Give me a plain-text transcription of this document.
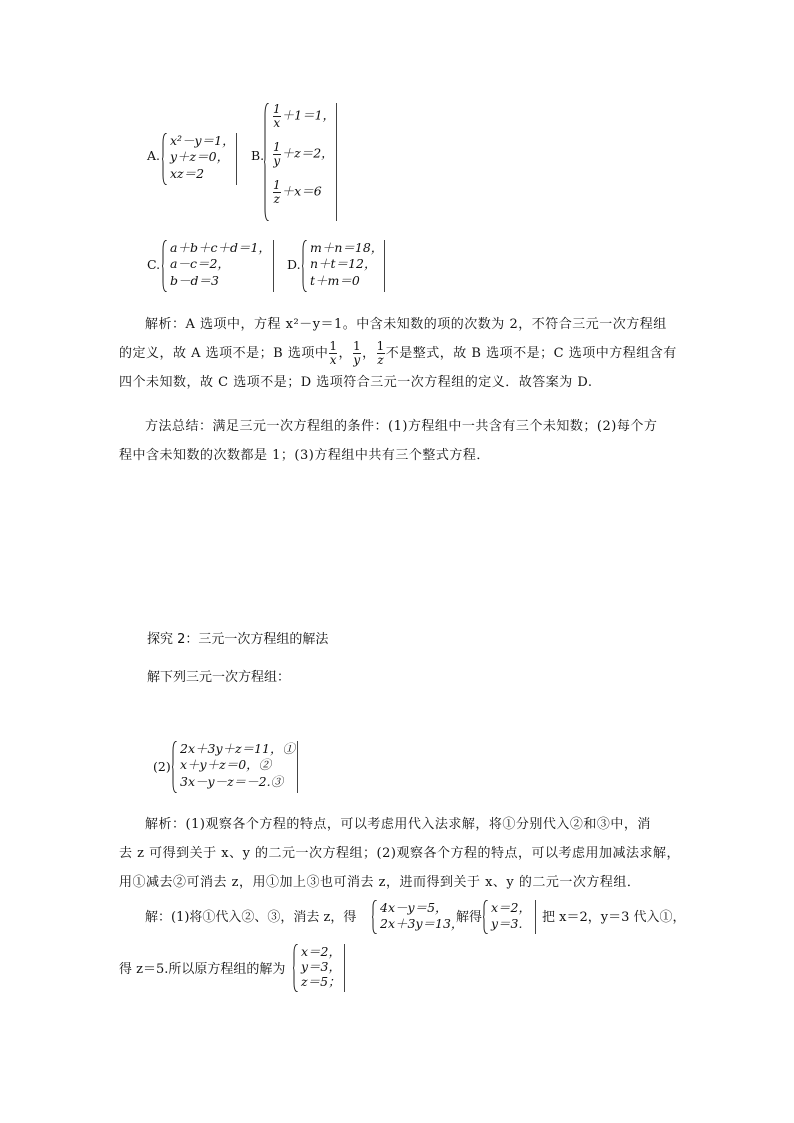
A.
x²－y＝1，
y＋z＝0，
xz＝2
B.
$\frac{1}{x} +1=1$，
$\frac{1}{y} +z=2$，
$\frac{1}{z} +x=6$
C.
a＋b＋c＋d＝1，
a－c＝2，
b－d＝3
D.
m＋n＝18，
n＋t＝12，
t＋m＝0
解析：A 选项中，方程 x²－y＝1。中含未知数的项的次数为 2，不符合三元一次方程组
的定义，故 A 选项不是；B 选项中 $\frac{1}{x}$ ， $\frac{1}{y}$ ， $\frac{1}{z}$ 不是整式，故 B 选项不是；C 选项中方程组含有
四个未知数，故 C 选项不是；D 选项符合三元一次方程组的定义．故答案为 D.
方法总结：满足三元一次方程组的条件：(1)方程组中一共含有三个未知数；(2)每个方
程中含未知数的次数都是 1；(3)方程组中共有三个整式方程．
探究 2：三元一次方程组的解法
解下列三元一次方程组：
(2)
2x＋3y＋z＝11，①
x＋y＋z＝0，②
3x－y－z＝－2.③
解析：(1)观察各个方程的特点，可以考虑用代入法求解，将①分别代入②和③中，消
去 z 可得到关于 x、y 的二元一次方程组；(2)观察各个方程的特点，可以考虑用加减法求解，
用①减去②可消去 z，用①加上③也可消去 z，进而得到关于 x、y 的二元一次方程组．
解：(1)将①代入②、③，消去 z，得
4x－y＝5，
2x＋3y＝13，
解得
x＝2，
y＝3.	把 x＝2，y＝3 代入①，
得 z＝5.所以原方程组的解为
x＝2，
y＝3，
z＝5；
